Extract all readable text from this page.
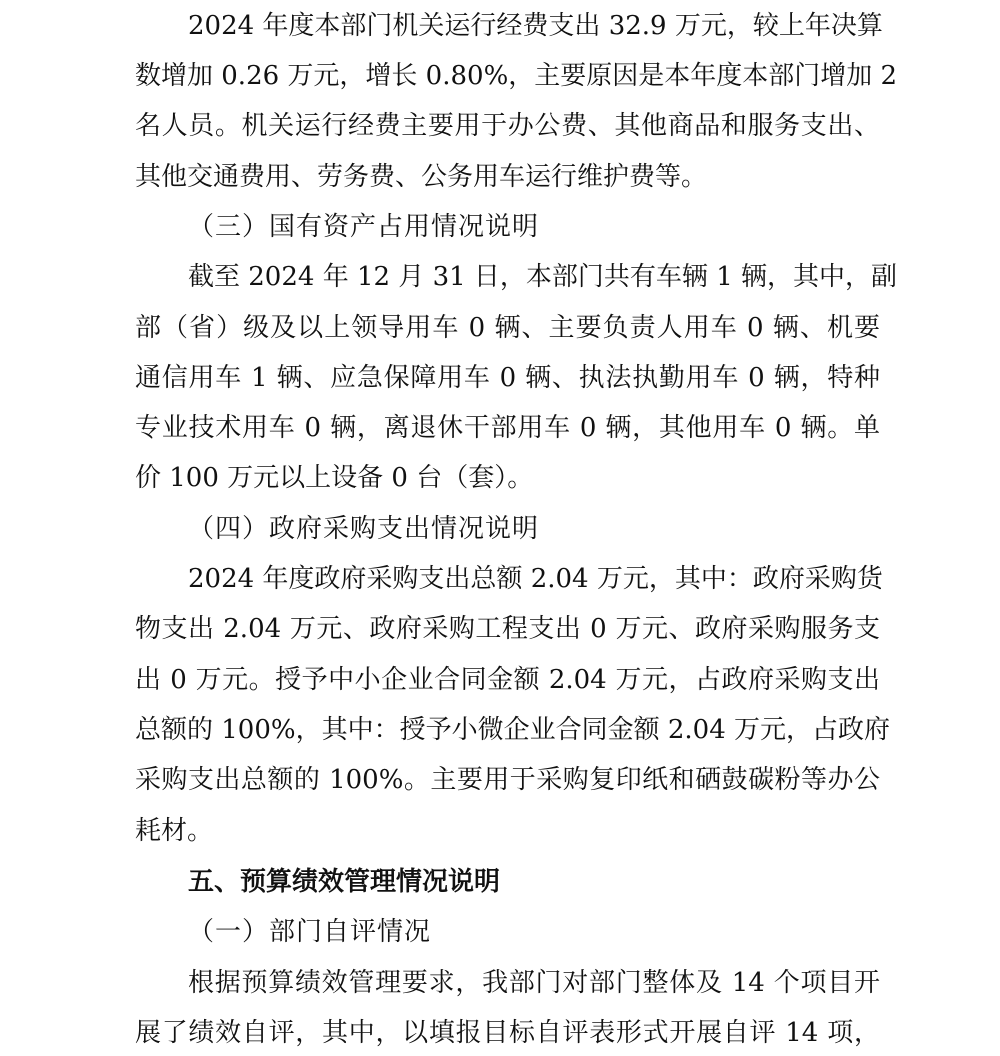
2024 年度本部门机关运行经费支出 32.9 万元，较上年决算
数增加 0.26 万元，增长 0.80%，主要原因是本年度本部门增加 2
名人员。机关运行经费主要用于办公费、其他商品和服务支出、
其他交通费用、劳务费、公务用车运行维护费等。
（三）国有资产占用情况说明
截至 2024 年 12 月 31 日，本部门共有车辆 1 辆，其中，副
部（省）级及以上领导用车 0 辆、主要负责人用车 0 辆、机要
通信用车 1 辆、应急保障用车 0 辆、执法执勤用车 0 辆，特种
专业技术用车 0 辆，离退休干部用车 0 辆，其他用车 0 辆。单
价 100 万元以上设备 0 台（套）。
（四）政府采购支出情况说明
2024 年度政府采购支出总额 2.04 万元，其中：政府采购货
物支出 2.04 万元、政府采购工程支出 0 万元、政府采购服务支
出 0 万元。授予中小企业合同金额 2.04 万元，占政府采购支出
总额的 100%，其中：授予小微企业合同金额 2.04 万元，占政府
采购支出总额的 100%。主要用于采购复印纸和硒鼓碳粉等办公
耗材。
五、预算绩效管理情况说明
（一）部门自评情况
根据预算绩效管理要求，我部门对部门整体及 14 个项目开
展了绩效自评，其中，以填报目标自评表形式开展自评 14 项，
